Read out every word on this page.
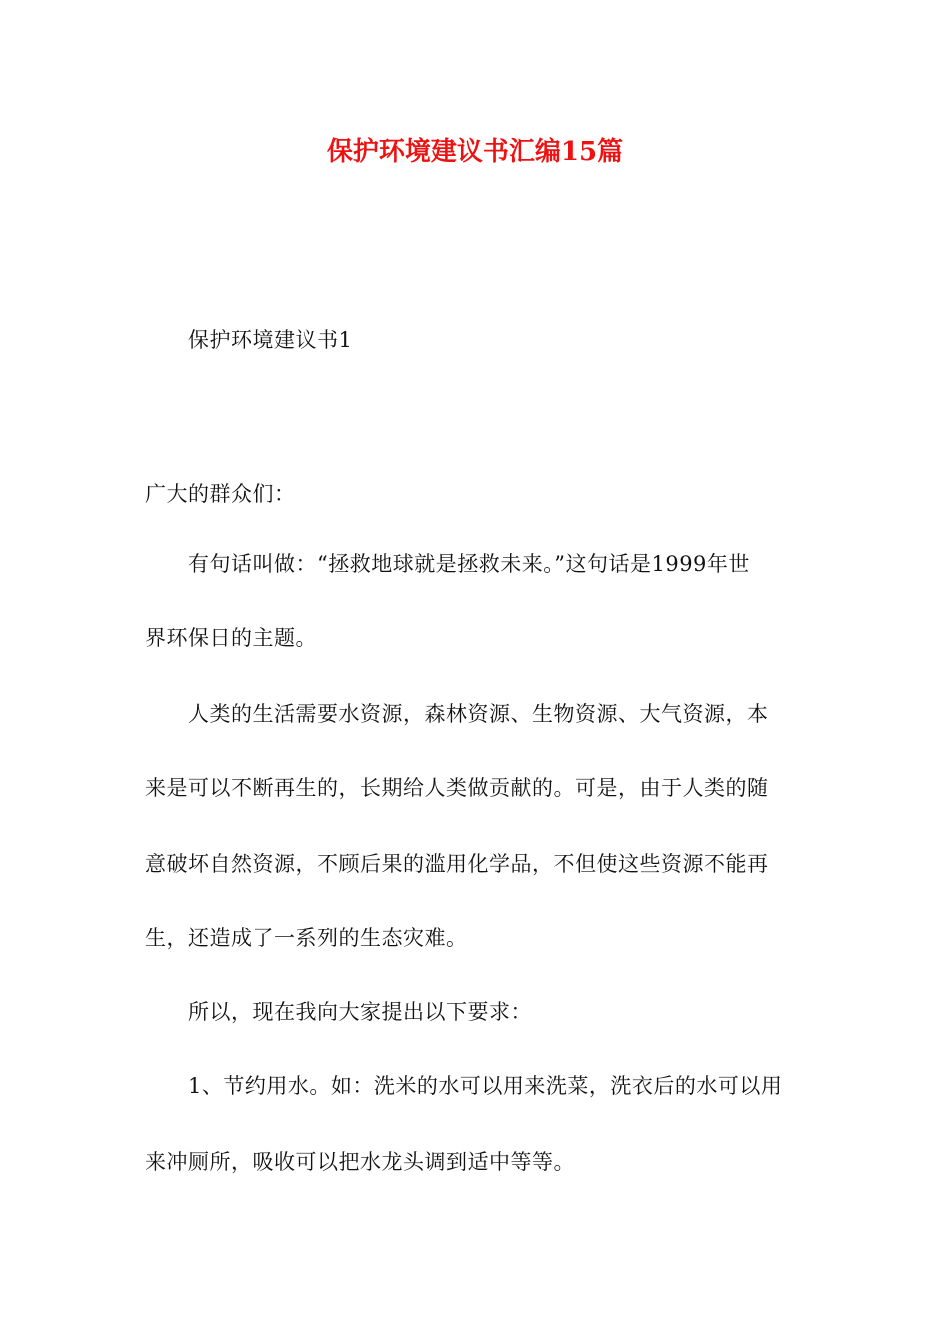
保护环境建议书汇编15篇
保护环境建议书1
广大的群众们：
有句话叫做：“拯救地球就是拯救未来。”这句话是1999年世
界环保日的主题。
人类的生活需要水资源，森林资源、生物资源、大气资源，本
来是可以不断再生的，长期给人类做贡献的。可是，由于人类的随
意破坏自然资源，不顾后果的滥用化学品，不但使这些资源不能再
生，还造成了一系列的生态灾难。
所以，现在我向大家提出以下要求：
1、节约用水。如：洗米的水可以用来洗菜，洗衣后的水可以用
来冲厕所，吸收可以把水龙头调到适中等等。
